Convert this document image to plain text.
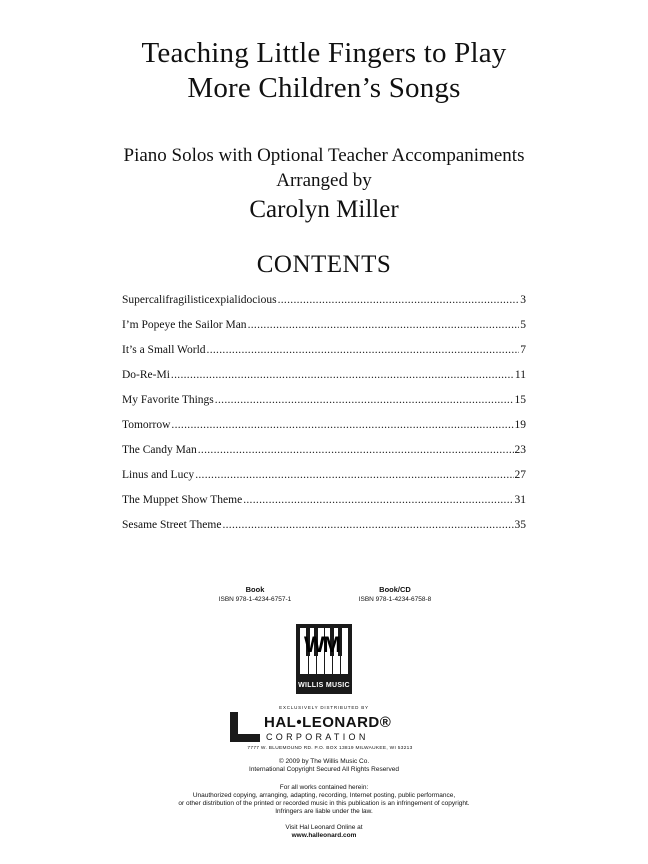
Teaching Little Fingers to Play
More Children’s Songs
Piano Solos with Optional Teacher Accompaniments
Arranged by
Carolyn Miller
CONTENTS
Supercalifragilisticexpialidocious .....	3
I’m Popeye the Sailor Man .....	5
It’s a Small World .....	7
Do-Re-Mi .....	11
My Favorite Things .....	15
Tomorrow .....	19
The Candy Man .....	23
Linus and Lucy .....	27
The Muppet Show Theme .....	31
Sesame Street Theme .....	35
Book
ISBN 978-1-4234-6757-1
Book/CD
ISBN 978-1-4234-6758-8
WM
WILLIS MUSIC
EXCLUSIVELY DISTRIBUTED BY
HAL•LEONARD®
CORPORATION
7777 W. BLUEMOUND RD. P.O. BOX 13819 MILWAUKEE, WI 53213
© 2009 by The Willis Music Co.
International Copyright Secured All Rights Reserved
For all works contained herein:
Unauthorized copying, arranging, adapting, recording, Internet posting, public performance,
or other distribution of the printed or recorded music in this publication is an infringement of copyright.
Infringers are liable under the law.
Visit Hal Leonard Online at
www.halleonard.com
